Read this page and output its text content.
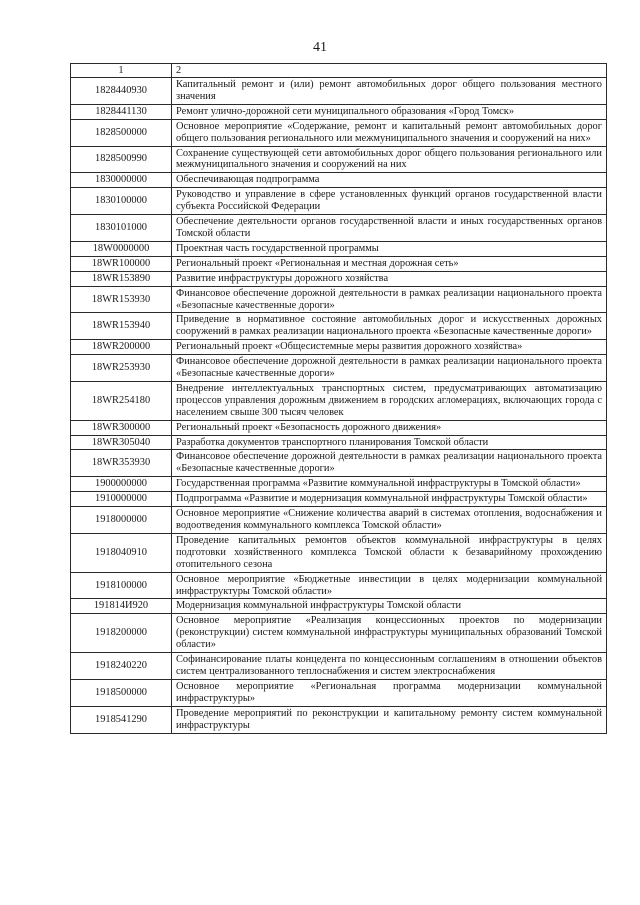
41
1	2
1828440930	Капитальный ремонт и (или) ремонт автомобильных дорог общего пользования местного значения
1828441130	Ремонт улично-дорожной сети муниципального образования «Город Томск»
1828500000	Основное мероприятие «Содержание, ремонт и капитальный ремонт автомобильных дорог общего пользования регионального или межмуниципального значения и сооружений на них»
1828500990	Сохранение существующей сети автомобильных дорог общего пользования регионального или межмуниципального значения и сооружений на них
1830000000	Обеспечивающая подпрограмма
1830100000	Руководство и управление в сфере установленных функций органов государственной власти субъекта Российской Федерации
1830101000	Обеспечение деятельности органов государственной власти и иных государственных органов Томской области
18W0000000	Проектная часть государственной программы
18WR100000	Региональный проект «Региональная и местная дорожная сеть»
18WR153890	Развитие инфраструктуры дорожного хозяйства
18WR153930	Финансовое обеспечение дорожной деятельности в рамках реализации национального проекта «Безопасные качественные дороги»
18WR153940	Приведение в нормативное состояние автомобильных дорог и искусственных дорожных сооружений в рамках реализации национального проекта «Безопасные качественные дороги»
18WR200000	Региональный проект «Общесистемные меры развития дорожного хозяйства»
18WR253930	Финансовое обеспечение дорожной деятельности в рамках реализации национального проекта «Безопасные качественные дороги»
18WR254180	Внедрение интеллектуальных транспортных систем, предусматривающих автоматизацию процессов управления дорожным движением в городских агломерациях, включающих города с населением свыше 300 тысяч человек
18WR300000	Региональный проект «Безопасность дорожного движения»
18WR305040	Разработка документов транспортного планирования Томской области
18WR353930	Финансовое обеспечение дорожной деятельности в рамках реализации национального проекта «Безопасные качественные дороги»
1900000000	Государственная программа «Развитие коммунальной инфраструктуры в Томской области»
1910000000	Подпрограмма «Развитие и модернизация коммунальной инфраструктуры Томской области»
1918000000	Основное мероприятие «Снижение количества аварий в системах отопления, водоснабжения и водоотведения коммунального комплекса Томской области»
1918040910	Проведение капитальных ремонтов объектов коммунальной инфраструктуры в целях подготовки хозяйственного комплекса Томской области к безаварийному прохождению отопительного сезона
1918100000	Основное мероприятие «Бюджетные инвестиции в целях модернизации коммунальной инфраструктуры Томской области»
191814И920	Модернизация коммунальной инфраструктуры Томской области
1918200000	Основное мероприятие «Реализация концессионных проектов по модернизации (реконструкции) систем коммунальной инфраструктуры муниципальных образований Томской области»
1918240220	Софинансирование платы концедента по концессионным соглашениям в отношении объектов систем централизованного теплоснабжения и систем электроснабжения
1918500000	Основное мероприятие «Региональная программа модернизации коммунальной инфраструктуры»
1918541290	Проведение мероприятий по реконструкции и капитальному ремонту систем коммунальной инфраструктуры
